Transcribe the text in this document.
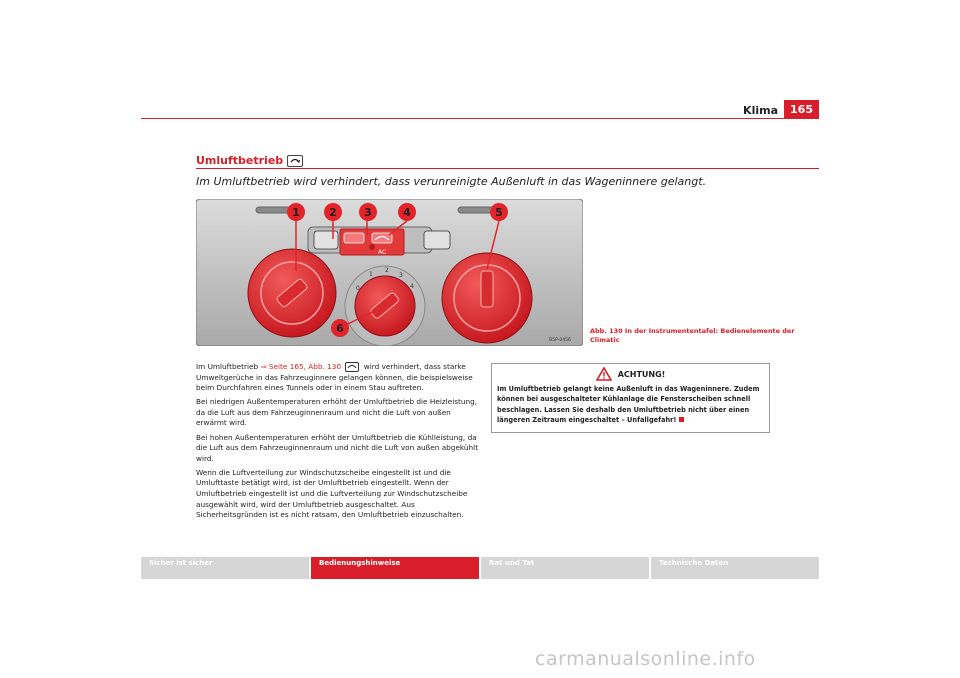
Klima	165
Umluftbetrieb
Im Umluftbetrieb wird verhindert, dass verunreinigte Außenluft in das Wageninnere gelangt.
AC
0
1
2
3
4
1	2 3	4	5
6
B5P-0456
Abb. 130 In der Instrumententafel: Bedienelemente der Climatic

Im Umluftbetrieb ⇒ Seite 165, Abb. 130	wird verhindert, dass starke Umweltgerüche in das Fahrzeuginnere gelangen können, die beispielsweise beim Durchfahren eines Tunnels oder in einem Stau auftreten.

Bei niedrigen Außentemperaturen erhöht der Umluftbetrieb die Heizleistung, da die Luft aus dem Fahrzeuginnenraum und nicht die Luft von außen erwärmt wird.

Bei hohen Außentemperaturen erhöht der Umluftbetrieb die Kühlleistung, da die Luft aus dem Fahrzeuginnenraum und nicht die Luft von außen abgekühlt wird.

Wenn die Luftverteilung zur Windschutzscheibe eingestellt ist und die Umlufttaste betätigt wird, ist der Umluftbetrieb eingestellt. Wenn der Umluftbetrieb eingestellt ist und die Luftverteilung zur Windschutzscheibe ausgewählt wird, wird der Umluftbetrieb ausgeschaltet. Aus Sicherheitsgründen ist es nicht ratsam, den Umluftbetrieb einzuschalten.

ACHTUNG!
Im Umluftbetrieb gelangt keine Außenluft in das Wageninnere. Zudem können bei ausgeschalteter Kühlanlage die Fensterscheiben schnell beschlagen. Lassen Sie deshalb den Umluftbetrieb nicht über einen längeren Zeitraum eingeschaltet – Unfallgefahr!
Sicher ist sicher	Bedienungshinweise	Rat und Tat	Technische Daten
carmanualsonline.info
